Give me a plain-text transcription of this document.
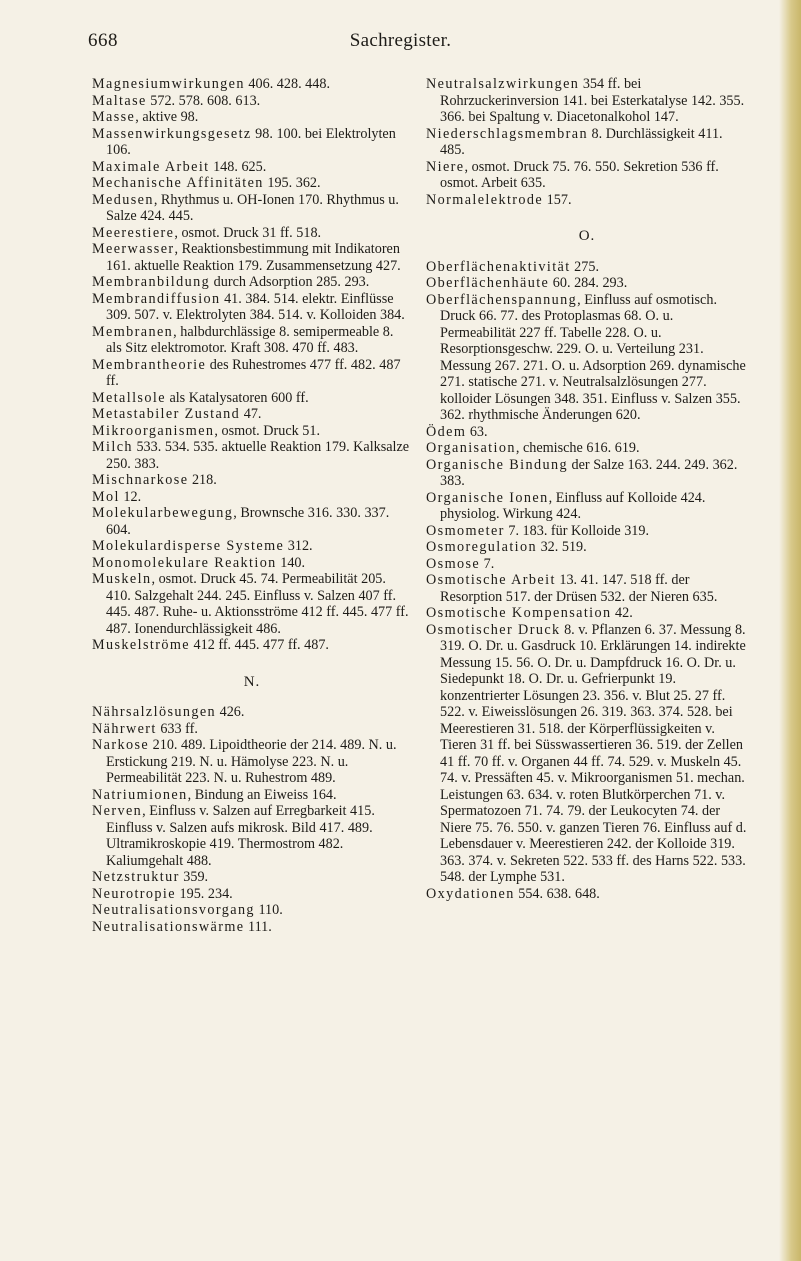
668	Sachregister.

Magnesiumwirkungen 406. 428. 448.

Maltase 572. 578. 608. 613.

Masse, aktive 98.

Massenwirkungsgesetz 98. 100. bei Elektrolyten 106.

Maximale Arbeit 148. 625.

Mechanische Affinitäten 195. 362.

Medusen, Rhythmus u. OH-Ionen 170. Rhythmus u. Salze 424. 445.

Meerestiere, osmot. Druck 31 ff. 518.

Meerwasser, Reaktionsbestimmung mit Indikatoren 161. aktuelle Reaktion 179. Zusammensetzung 427.

Membranbildung durch Adsorption 285. 293.

Membrandiffusion 41. 384. 514. elektr. Einflüsse 309. 507. v. Elektrolyten 384. 514. v. Kolloiden 384.

Membranen, halbdurchlässige 8. semipermeable 8. als Sitz elektromotor. Kraft 308. 470 ff. 483.

Membrantheorie des Ruhestromes 477 ff. 482. 487 ff.

Metallsole als Katalysatoren 600 ff.

Metastabiler Zustand 47.

Mikroorganismen, osmot. Druck 51.

Milch 533. 534. 535. aktuelle Reaktion 179. Kalksalze 250. 383.

Mischnarkose 218.

Mol 12.

Molekularbewegung, Brownsche 316. 330. 337. 604.

Molekulardisperse Systeme 312.

Monomolekulare Reaktion 140.

Muskeln, osmot. Druck 45. 74. Permeabilität 205. 410. Salzgehalt 244. 245. Einfluss v. Salzen 407 ff. 445. 487. Ruhe- u. Aktionsströme 412 ff. 445. 477 ff. 487. Ionendurchlässigkeit 486.

Muskelströme 412 ff. 445. 477 ff. 487.

N.

Nährsalzlösungen 426.

Nährwert 633 ff.

Narkose 210. 489. Lipoidtheorie der 214. 489. N. u. Erstickung 219. N. u. Hämolyse 223. N. u. Permeabilität 223. N. u. Ruhestrom 489.

Natriumionen, Bindung an Eiweiss 164.

Nerven, Einfluss v. Salzen auf Erregbarkeit 415. Einfluss v. Salzen aufs mikrosk. Bild 417. 489. Ultramikroskopie 419. Thermostrom 482. Kaliumgehalt 488.

Netzstruktur 359.

Neurotropie 195. 234.

Neutralisationsvorgang 110.

Neutralisationswärme 111.

Neutralsalzwirkungen 354 ff. bei Rohrzuckerinversion 141. bei Esterkatalyse 142. 355. 366. bei Spaltung v. Diacetonalkohol 147.

Niederschlagsmembran 8. Durchlässigkeit 411. 485.

Niere, osmot. Druck 75. 76. 550. Sekretion 536 ff. osmot. Arbeit 635.

Normalelektrode 157.

O.

Oberflächenaktivität 275.

Oberflächenhäute 60. 284. 293.

Oberflächenspannung, Einfluss auf osmotisch. Druck 66. 77. des Protoplasmas 68. O. u. Permeabilität 227 ff. Tabelle 228. O. u. Resorptionsgeschw. 229. O. u. Verteilung 231. Messung 267. 271. O. u. Adsorption 269. dynamische 271. statische 271. v. Neutralsalzlösungen 277. kolloider Lösungen 348. 351. Einfluss v. Salzen 355. 362. rhythmische Änderungen 620.

Ödem 63.

Organisation, chemische 616. 619.

Organische Bindung der Salze 163. 244. 249. 362. 383.

Organische Ionen, Einfluss auf Kolloide 424. physiolog. Wirkung 424.

Osmometer 7. 183. für Kolloide 319.

Osmoregulation 32. 519.

Osmose 7.

Osmotische Arbeit 13. 41. 147. 518 ff. der Resorption 517. der Drüsen 532. der Nieren 635.

Osmotische Kompensation 42.

Osmotischer Druck 8. v. Pflanzen 6. 37. Messung 8. 319. O. Dr. u. Gasdruck 10. Erklärungen 14. indirekte Messung 15. 56. O. Dr. u. Dampfdruck 16. O. Dr. u. Siedepunkt 18. O. Dr. u. Gefrierpunkt 19. konzentrierter Lösungen 23. 356. v. Blut 25. 27 ff. 522. v. Eiweisslösungen 26. 319. 363. 374. 528. bei Meerestieren 31. 518. der Körperflüssigkeiten v. Tieren 31 ff. bei Süsswassertieren 36. 519. der Zellen 41 ff. 70 ff. v. Organen 44 ff. 74. 529. v. Muskeln 45. 74. v. Pressäften 45. v. Mikroorganismen 51. mechan. Leistungen 63. 634. v. roten Blutkörperchen 71. v. Spermatozoen 71. 74. 79. der Leukocyten 74. der Niere 75. 76. 550. v. ganzen Tieren 76. Einfluss auf d. Lebensdauer v. Meerestieren 242. der Kolloide 319. 363. 374. v. Sekreten 522. 533 ff. des Harns 522. 533. 548. der Lymphe 531.

Oxydationen 554. 638. 648.
